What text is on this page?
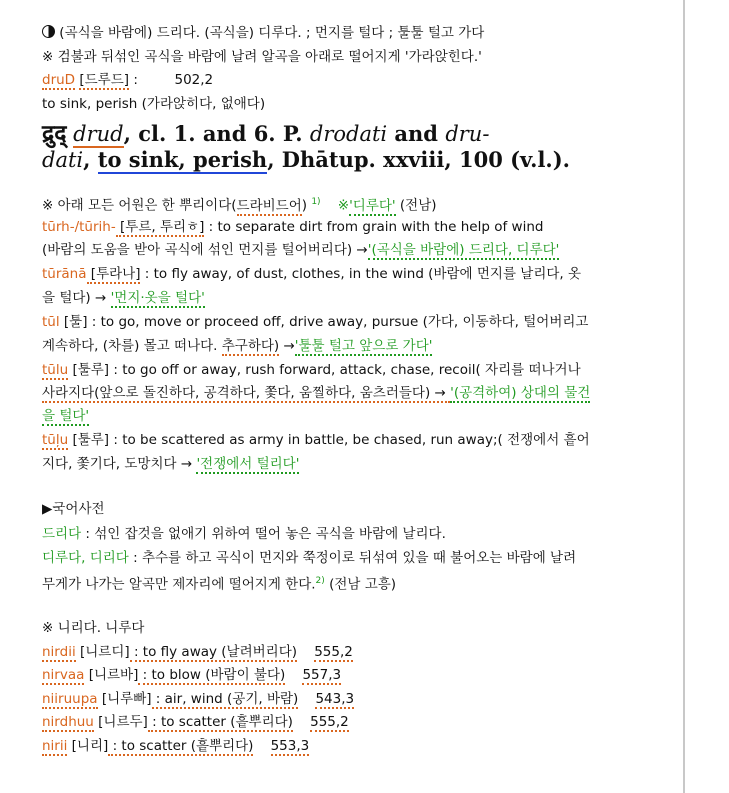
(곡식을 바람에) 드리다. (곡식을) 디루다. ; 먼지를 털다 ; 툴툴 털고 가다
※ 검불과 뒤섞인 곡식을 바람에 날려 알곡을 아래로 떨어지게 '가라앉힌다.'
druD [드루드] :	502,2
to sink, perish (가라앉히다, 없애다)
द्रुद् drud, cl. 1. and 6. P. drodati and dru-
dati, to sink, perish, Dhātup. xxviii, 100 (v.l.).
※ 아래 모든 어원은 한 뿌리이다(드라비드어) $^{1)}$ ※'디루다' (전남)
tūrh-/tūrih- [투르, 투리ㅎ] : to separate dirt from grain with the help of wind
(바람의 도움을 받아 곡식에 섞인 먼지를 털어버리다) →'(곡식을 바람에) 드리다, 디루다'
tūrānā [투라나] : to fly away, of dust, clothes, in the wind (바람에 먼지를 날리다, 옷
을 털다) → '먼지·옷을 털다'
tūl [툴] : to go, move or proceed off, drive away, pursue (가다, 이동하다, 털어버리고
계속하다, (차를) 몰고 떠나다. 추구하다) →'툴툴 털고 앞으로 가다'
tūlu [툴루] : to go off or away, rush forward, attack, chase, recoil( 자리를 떠나거나
사라지다(앞으로 돌진하다, 공격하다, 쫓다, 움찔하다, 움츠러들다) → '(공격하여) 상대의 물건
을 털다'
tūļu [툴루] : to be scattered as army in battle, be chased, run away;( 전쟁에서 흩어
지다, 쫓기다, 도망치다 → '전쟁에서 털리다'
▶국어사전
드리다 : 섞인 잡것을 없애기 위하여 떨어 놓은 곡식을 바람에 날리다.
디루다, 디리다 : 추수를 하고 곡식이 먼지와 쭉정이로 뒤섞여 있을 때 불어오는 바람에 날려
무게가 나가는 알곡만 제자리에 떨어지게 한다.$^{2)}$ (전남 고흥)
※ 니리다. 니루다
nirdii [니르디] : to fly away (날려버리다) 555,2
nirvaa [니르바] : to blow (바람이 불다) 557,3
niiruupa [니루빠] : air, wind (공기, 바람) 543,3
nirdhuu [니르두] : to scatter (흩뿌리다) 555,2
nirii [니리] : to scatter (흩뿌리다) 553,3
